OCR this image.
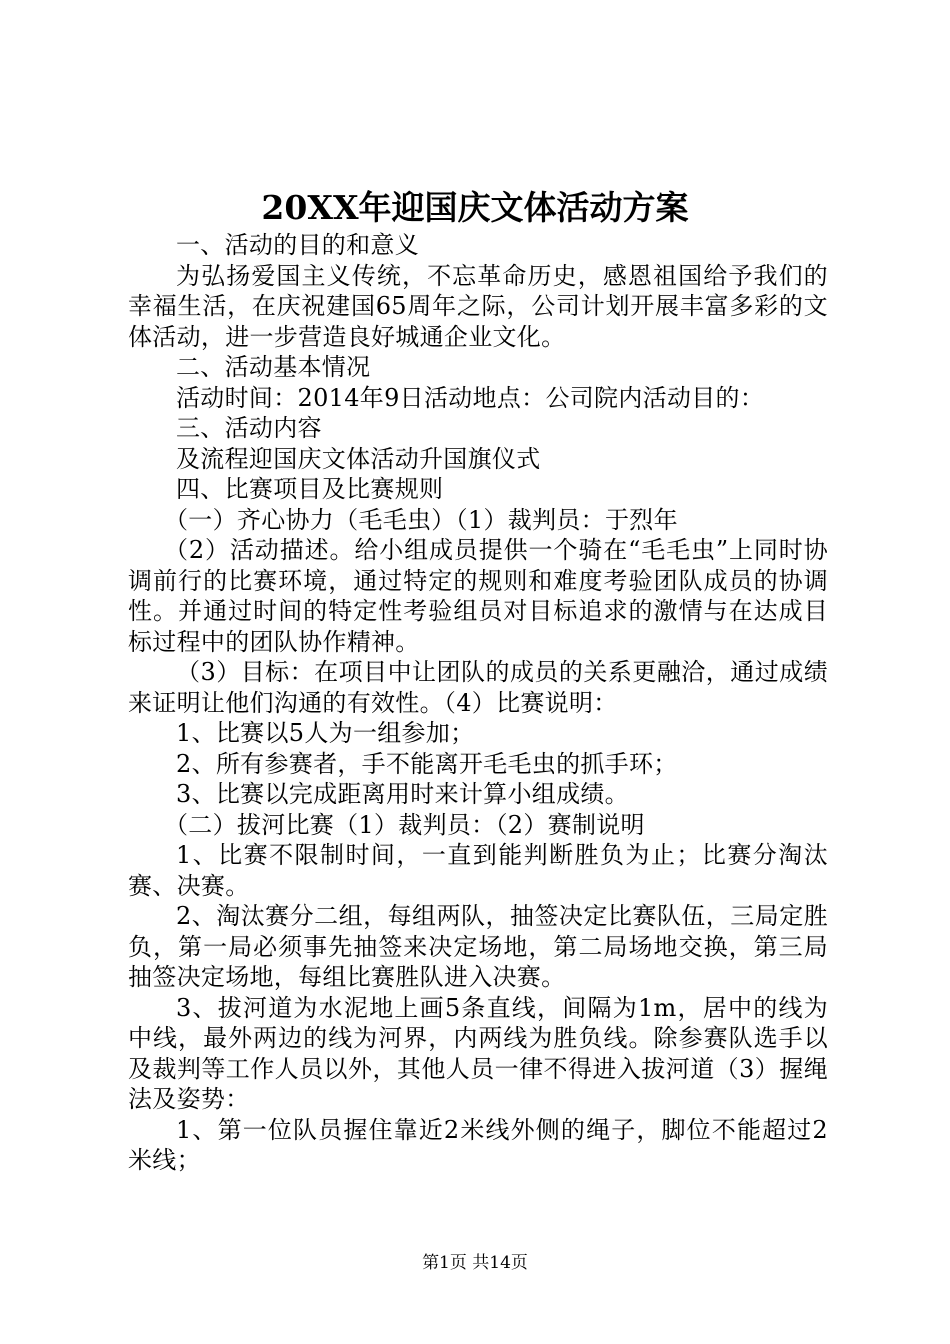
20XX年迎国庆文体活动方案

一、活动的目的和意义

为弘扬爱国主义传统，不忘革命历史，感恩祖国给予我们的幸福生活，在庆祝建国65周年之际，公司计划开展丰富多彩的文体活动，进一步营造良好城通企业文化。

二、活动基本情况

活动时间：2014年9日活动地点：公司院内活动目的：

三、活动内容

及流程迎国庆文体活动升国旗仪式

四、比赛项目及比赛规则

（一）齐心协力（毛毛虫）（1）裁判员：于烈年

（2）活动描述。给小组成员提供一个骑在“毛毛虫”上同时协调前行的比赛环境，通过特定的规则和难度考验团队成员的协调性。并通过时间的特定性考验组员对目标追求的激情与在达成目标过程中的团队协作精神。

（3）目标：在项目中让团队的成员的关系更融洽，通过成绩来证明让他们沟通的有效性。（4）比赛说明：

1、比赛以5人为一组参加；

2、所有参赛者，手不能离开毛毛虫的抓手环；

3、比赛以完成距离用时来计算小组成绩。

（二）拔河比赛（1）裁判员：（2）赛制说明

1、比赛不限制时间，一直到能判断胜负为止；比赛分淘汰赛、决赛。

2、淘汰赛分二组，每组两队，抽签决定比赛队伍，三局定胜负，第一局必须事先抽签来决定场地，第二局场地交换，第三局抽签决定场地，每组比赛胜队进入决赛。

3、拔河道为水泥地上画5条直线，间隔为1m，居中的线为中线，最外两边的线为河界，内两线为胜负线。除参赛队选手以及裁判等工作人员以外，其他人员一律不得进入拔河道（3）握绳法及姿势：

1、第一位队员握住靠近2米线外侧的绳子，脚位不能超过2米线；

第1页 共14页
